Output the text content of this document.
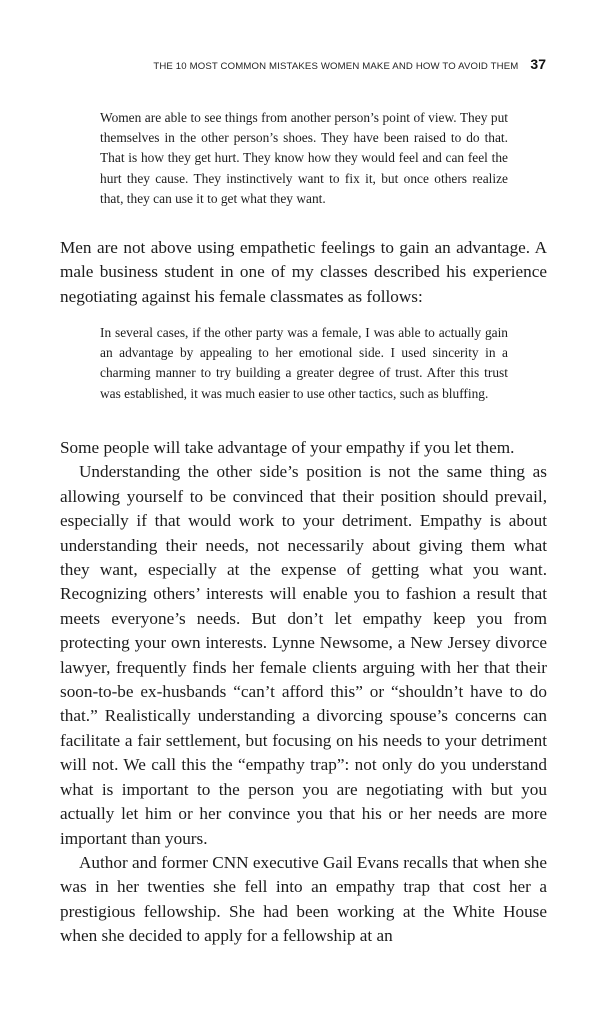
THE 10 MOST COMMON MISTAKES WOMEN MAKE AND HOW TO AVOID THEM 37
Women are able to see things from another person’s point of view. They put themselves in the other person’s shoes. They have been raised to do that. That is how they get hurt. They know how they would feel and can feel the hurt they cause. They instinctively want to fix it, but once others realize that, they can use it to get what they want.

Men are not above using empathetic feelings to gain an advantage. A male business student in one of my classes described his experience negotiating against his female classmates as follows:

In several cases, if the other party was a female, I was able to actually gain an advantage by appealing to her emotional side. I used sincerity in a charming manner to try building a greater degree of trust. After this trust was established, it was much easier to use other tactics, such as bluffing.

Some people will take advantage of your empathy if you let them.

Understanding the other side’s position is not the same thing as allowing yourself to be convinced that their position should prevail, especially if that would work to your detriment. Empathy is about understanding their needs, not necessarily about giving them what they want, especially at the expense of getting what you want. Recognizing others’ interests will enable you to fashion a result that meets everyone’s needs. But don’t let empathy keep you from protecting your own interests. Lynne Newsome, a New Jersey divorce lawyer, frequently finds her female clients arguing with her that their soon-to-be ex-husbands “can’t afford this” or “shouldn’t have to do that.” Realistically understanding a divorcing spouse’s concerns can facilitate a fair settlement, but focusing on his needs to your detriment will not. We call this the “empathy trap”: not only do you understand what is important to the person you are negotiating with but you actually let him or her convince you that his or her needs are more important than yours.

Author and former CNN executive Gail Evans recalls that when she was in her twenties she fell into an empathy trap that cost her a prestigious fellowship. She had been working at the White House when she decided to apply for a fellowship at an
